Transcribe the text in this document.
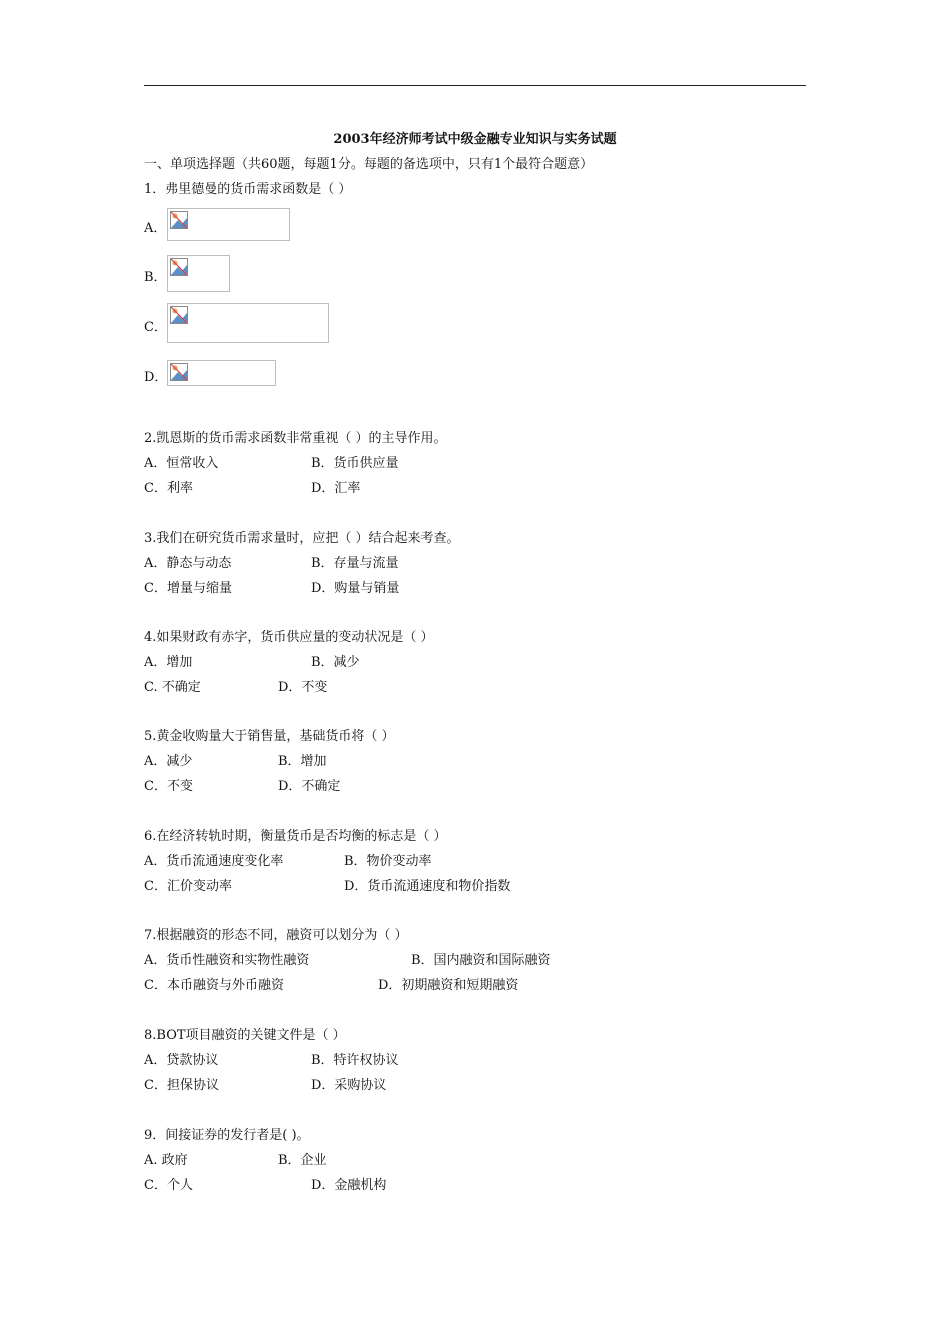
2003年经济师考试中级金融专业知识与实务试题
一、单项选择题（共60题，每题1分。每题的备选项中，只有1个最符合题意）
1．弗里德曼的货币需求函数是（ ）
A．
B．
C．
D．
2.凯恩斯的货币需求函数非常重视（ ）的主导作用。
A．恒常收入	B．货币供应量
C．利率	D．汇率
3.我们在研究货币需求量时，应把（ ）结合起来考查。
A．静态与动态	B．存量与流量
C．增量与缩量	D．购量与销量
4.如果财政有赤字，货币供应量的变动状况是（ ）
A．增加	B．减少
C. 不确定	D．不变
5.黄金收购量大于销售量，基础货币将（ ）
A．减少	B．增加
C．不变	D．不确定
6.在经济转轨时期，衡量货币是否均衡的标志是（ ）
A．货币流通速度变化率	B．物价变动率
C．汇价变动率	D．货币流通速度和物价指数
7.根据融资的形态不同，融资可以划分为（ ）
A．货币性融资和实物性融资	B．国内融资和国际融资
C．本币融资与外币融资	D．初期融资和短期融资
8.BOT项目融资的关键文件是（ ）
A．贷款协议	B．特许权协议
C．担保协议	D．采购协议
9．间接证券的发行者是( )。
A. 政府	B．企业
C．个人	D．金融机构
